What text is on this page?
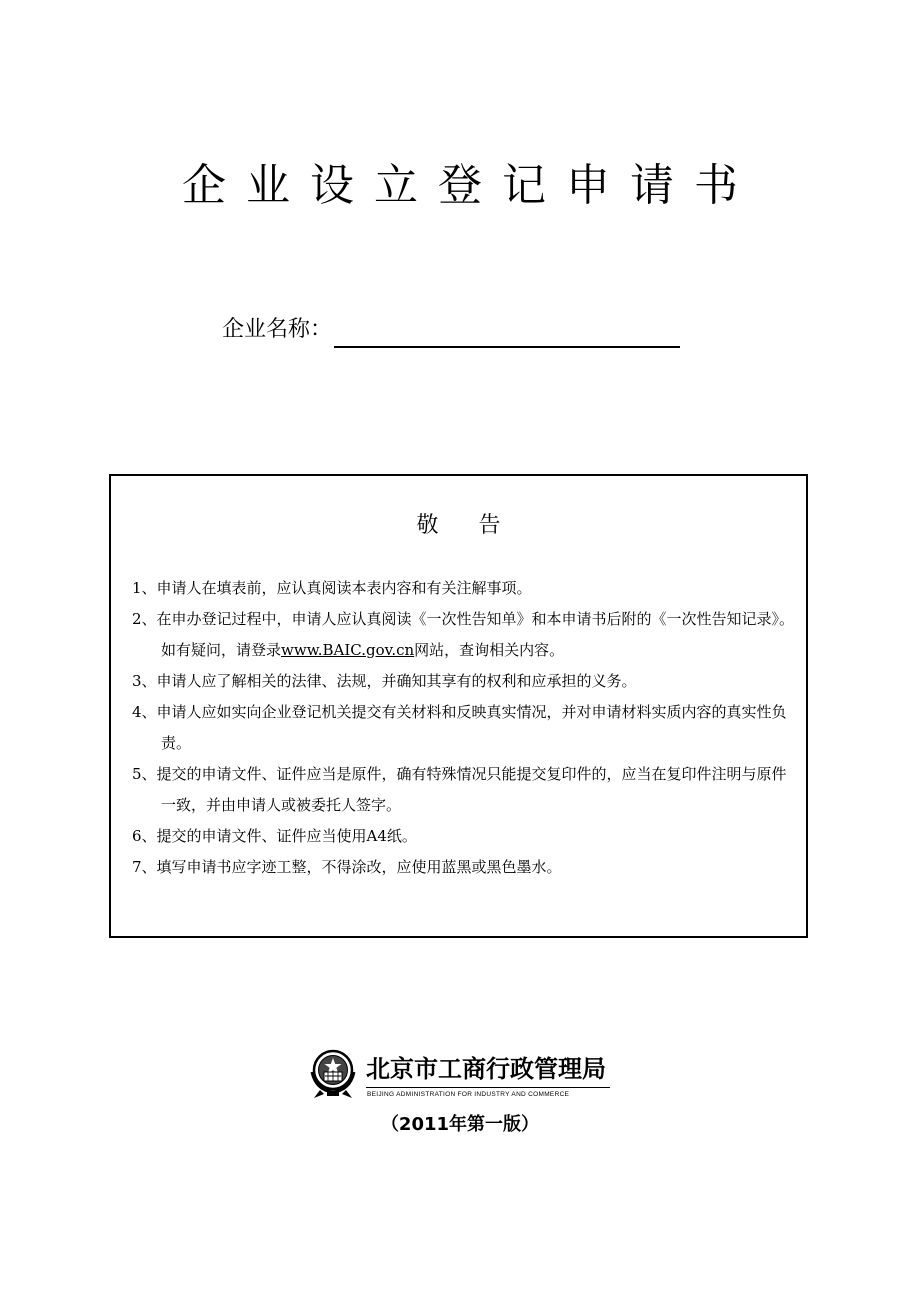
企业设立登记申请书
企业名称：
敬告
1、申请人在填表前，应认真阅读本表内容和有关注解事项。
2、在申办登记过程中，申请人应认真阅读《一次性告知单》和本申请书后附的《一次性告知记录》。如有疑问，请登录www.BAIC.gov.cn网站，查询相关内容。
3、申请人应了解相关的法律、法规，并确知其享有的权利和应承担的义务。
4、申请人应如实向企业登记机关提交有关材料和反映真实情况，并对申请材料实质内容的真实性负责。
5、提交的申请文件、证件应当是原件，确有特殊情况只能提交复印件的，应当在复印件注明与原件一致，并由申请人或被委托人签字。
6、提交的申请文件、证件应当使用A4纸。
7、填写申请书应字迹工整，不得涂改，应使用蓝黑或黑色墨水。
北京市工商行政管理局
BEIJING ADMINISTRATION FOR INDUSTRY AND COMMERCE
（2011年第一版）
